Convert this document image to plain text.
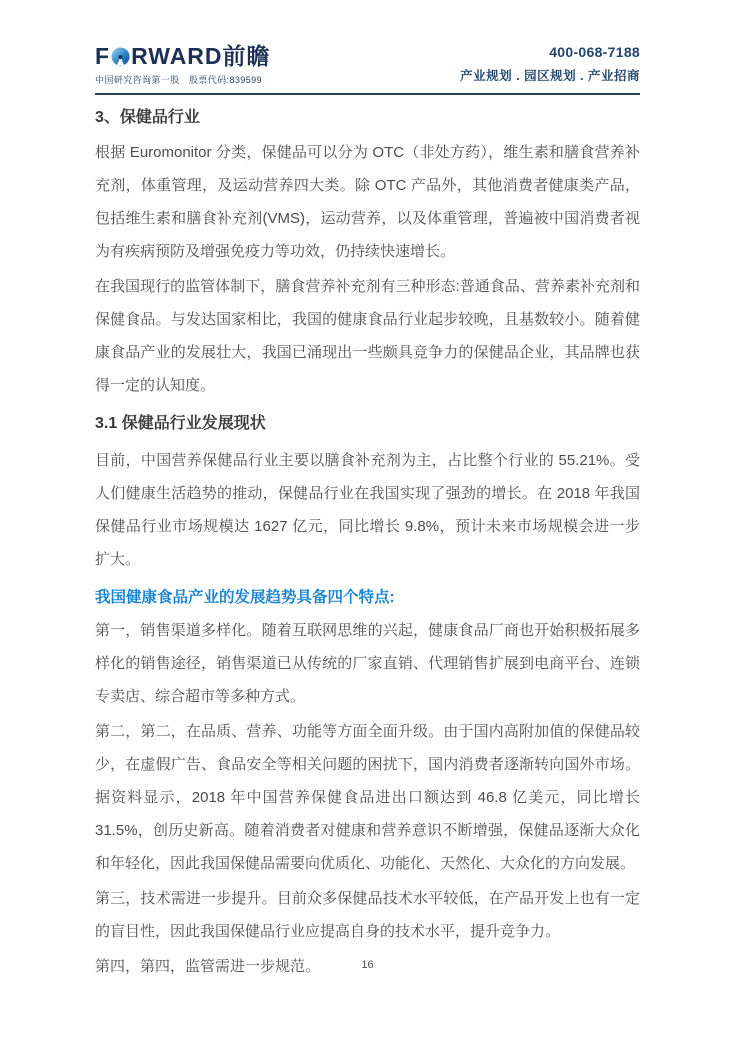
F RWARD 前瞻
中国研究咨询第一股　股票代码:839599
400-068-7188
产业规划 . 园区规划 . 产业招商
3、保健品行业

根据 Euromonitor 分类，保健品可以分为 OTC（非处方药），维生素和膳食营养补充剂，体重管理，及运动营养四大类。除 OTC 产品外，其他消费者健康类产品，包括维生素和膳食补充剂(VMS)，运动营养，以及体重管理，普遍被中国消费者视为有疾病预防及增强免疫力等功效，仍持续快速增长。

在我国现行的监管体制下，膳食营养补充剂有三种形态:普通食品、营养素补充剂和保健食品。与发达国家相比，我国的健康食品行业起步较晚，且基数较小。随着健康食品产业的发展壮大，我国已涌现出一些颇具竞争力的保健品企业，其品牌也获得一定的认知度。

3.1 保健品行业发展现状

目前，中国营养保健品行业主要以膳食补充剂为主，占比整个行业的 55.21%。受人们健康生活趋势的推动，保健品行业在我国实现了强劲的增长。在 2018 年我国保健品行业市场规模达 1627 亿元，同比增长 9.8%，预计未来市场规模会进一步扩大。

我国健康食品产业的发展趋势具备四个特点:

第一，销售渠道多样化。随着互联网思维的兴起，健康食品厂商也开始积极拓展多样化的销售途径，销售渠道已从传统的厂家直销、代理销售扩展到电商平台、连锁专卖店、综合超市等多种方式。

第二，第二，在品质、营养、功能等方面全面升级。由于国内高附加值的保健品较少，在虚假广告、食品安全等相关问题的困扰下，国内消费者逐渐转向国外市场。据资料显示，2018 年中国营养保健食品进出口额达到 46.8 亿美元，同比增长 31.5%，创历史新高。随着消费者对健康和营养意识不断增强，保健品逐渐大众化和年轻化，因此我国保健品需要向优质化、功能化、天然化、大众化的方向发展。

第三，技术需进一步提升。目前众多保健品技术水平较低，在产品开发上也有一定的盲目性，因此我国保健品行业应提高自身的技术水平，提升竞争力。

第四，第四，监管需进一步规范。	16
